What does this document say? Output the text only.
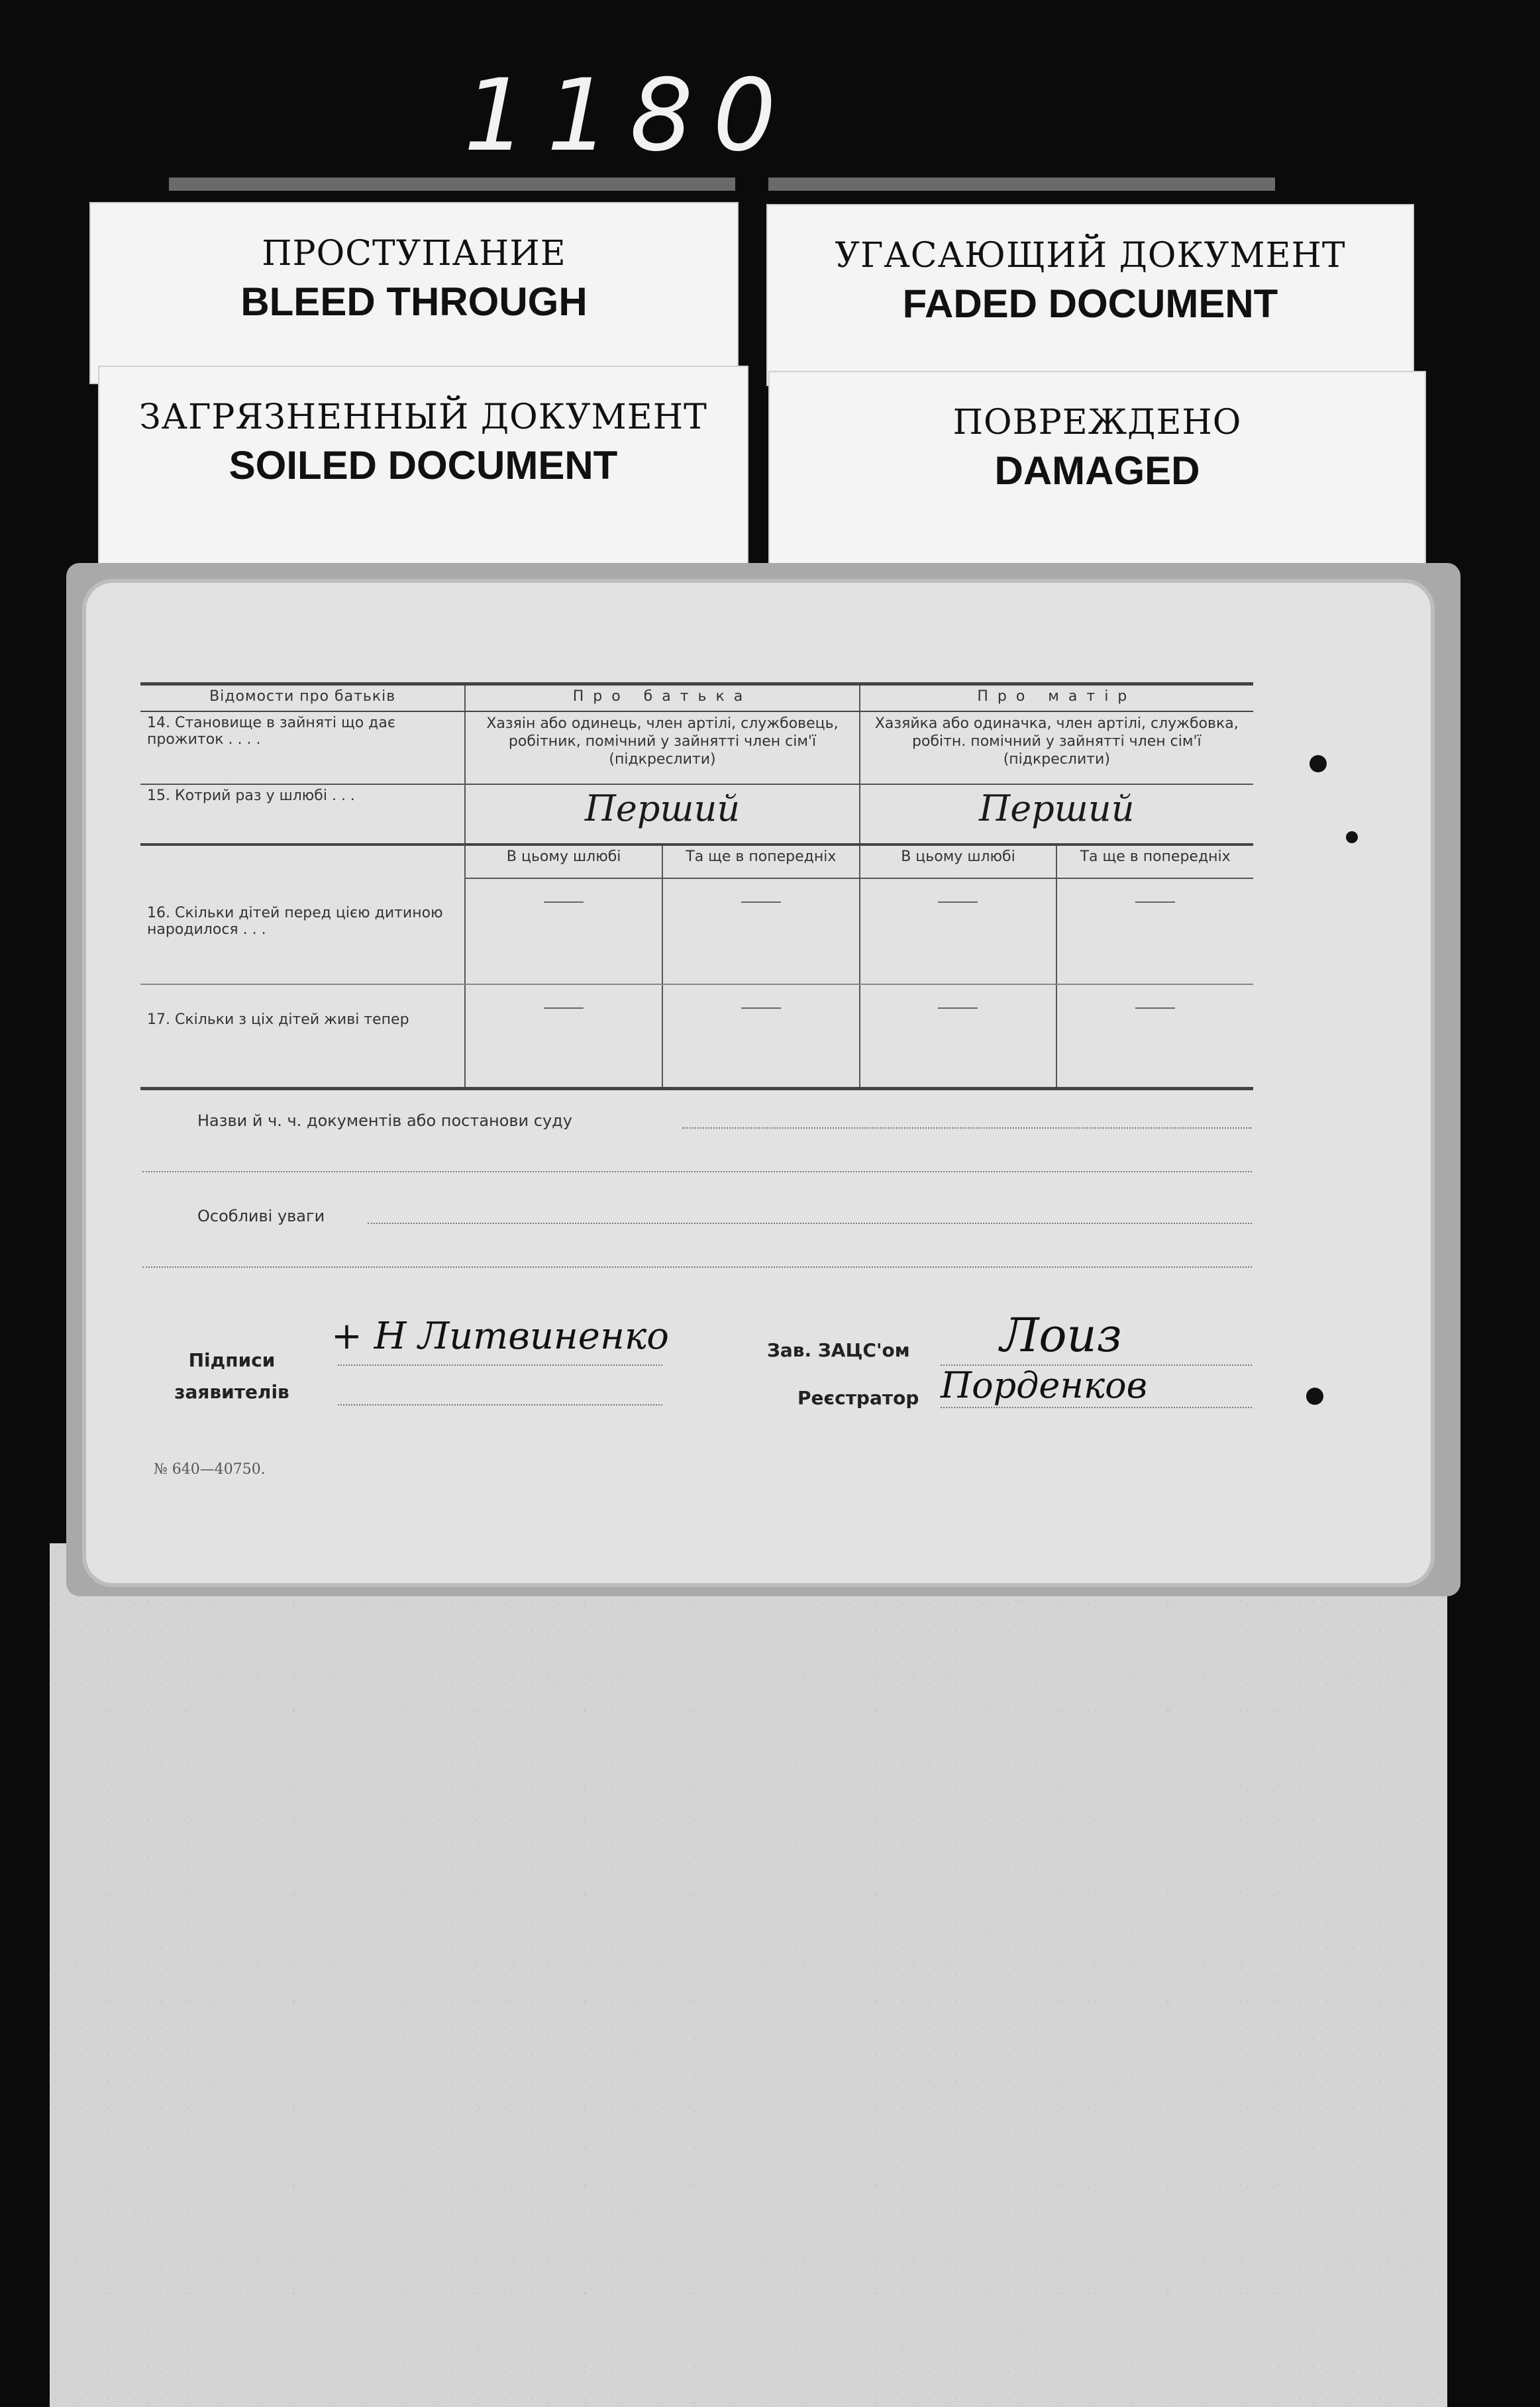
1180
ПРОСТУПАНИЕ
BLEED THROUGH
УГАСАЮЩИЙ ДОКУМЕНТ
FADED DOCUMENT
ЗАГРЯЗНЕННЫЙ ДОКУМЕНТ
SOILED DOCUMENT
ПОВРЕЖДЕНО
DAMAGED
Відомости про батьків	Про батька		Про матір	
14. Становище в зайняті що дає прожиток . . . .	Хазяін або одинець, член артілі, службовець, робітник, помічний у зайнятті член сім'ї (підкреслити)		Хазяйка або одиначка, член артілі, службовка, робітн. помічний у зайнятті член сім'ї (підкреслити)	
15. Котрий раз у шлюбі . . .	Перший		Перший	
	В цьому шлюбі	Та ще в попередніх	В цьому шлюбі	Та ще в попередніх
16. Скільки дітей перед цією дитиною народилося . . .	

17. Скільки з ціх дітей живі тепер	

Назви й ч. ч. документів або постанови суду
Особливі уваги
Підписи заявителів
+ Н Литвиненко	Зав. ЗАЦС'ом Лоиз
Реєстратор Порденков
№ 640—40750.
